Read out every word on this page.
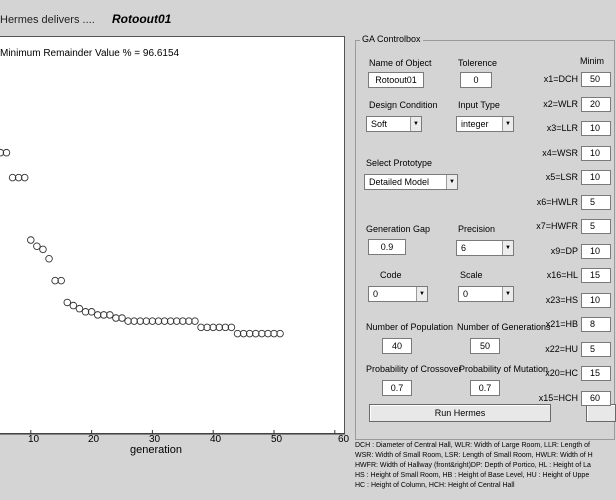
Hermes delivers .... Rotoout01
Minimum Remainder Value % = 96.6154
10	20	30	40	50	60
generation
GA Controlbox
Name of Object
Rotoout01
Tolerence
0
Design Condition
Soft	▼
Input Type
integer	▼
Select Prototype
Detailed Model	▼
Generation Gap
0.9
Precision
6	▼
Code
0	▼
Scale
0	▼
Number of Population
40
Number of Generations
50
Probability of Crossover
0.7
Probability of Mutation
0.7
Run Hermes
Minim
x1=DCH	50
x2=WLR	20
x3=LLR	10
x4=WSR	10
x5=LSR	10
x6=HWLR	5
x7=HWFR	5
x9=DP	10
x16=HL	15
x23=HS	10
x21=HB	8
x22=HU	5
x20=HC	15
x15=HCH	60
DCH : Diameter of Central Hall, WLR: Width of Large Room, LLR: Length of
WSR: Width of Small Room, LSR: Length of Small Room, HWLR: Width of H
HWFR: Width of Hallway (front&right)DP: Depth of Portico, HL : Height of La
HS : Height of Small Room, HB : Height of Base Level, HU : Height of Uppe
HC : Height of Column, HCH: Height of Central Hall
